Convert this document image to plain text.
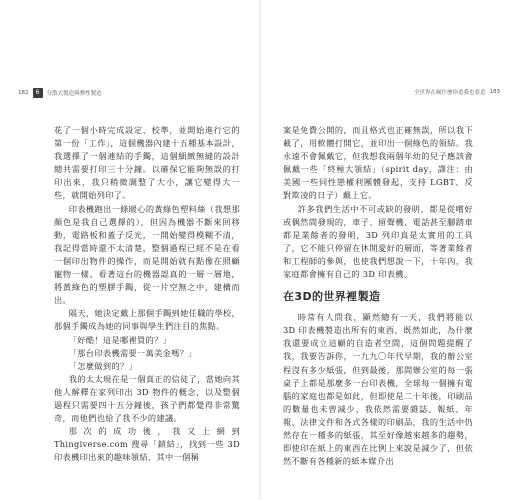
182	6	分散式製造與彈性製造

花了一個小時完成設定、校準，並開始進行它的第一份「工作」，這個機器內建十五種基本設計，我選擇了一個連結的手鐲，這個細緻無縫的設計總共需要打印三十分鐘。以確保它能夠無誤的打印出來，我只稍微調整了大小，讓它變得大一些，就開始列印了。

印表機跑出一條暖心的黃綠色塑料絲（我想那顏色是我自己選擇的），但因為機器不斷來回移動，電路板和蓋子反光，一開始變得模糊不清，我記得當時還不太清楚，整個過程已經不是在看一個印出物件的操作，而是開始就有點像在照顧寵物一樣。看著這台的機器認真的一層一層地，將黃綠色的塑膠手鐲，從一片空無之中，建構而出。

隔天，她決定戴上那個手鐲到她任職的學校，那個手鐲成為她的同事與學生們注目的焦點。

「好酷！這是哪裡買的？」

「那台印表機需要一萬美金嗎？」

「怎麼做到的？」

我的太太現在是一個真正的信徒了，當她向其他人解釋在家列印出 3D 物件的概念，以及整個過程只需要四十五分鐘後，孩子們都覺得非常驚奇，而他們也給了我不少的建議。

那次的成功後，我又上網到 Thingiverse.com 搜尋「鎖結」，找到一些 3D 印表機印出來的趣味領結，其中一個稱

全世界在瘋什麼你造我也要造 183

案是免費公開的，而且格式也正確無誤，所以我下載了，用軟體打開它，並印出一個綠色的領結。我永遠不會佩戴它，但我想我兩個年幼的兒子應該會佩戴一些「終極大領結」（spirit day，譯注：由美國一些同性戀權利團體發起，支持 LGBT、反對欺凌的日子）戴上它。

許多我們生活中不可或缺的發明，都是從嚐好或偶然間發現的，車子、留聲機、電話甚至腳踏車都是業餘者的發明，3D 列印真是太實用的工具了，它不能只停留在休閒愛好的層面，等著業餘者和工程師的參與，也使我們想說一下，十年內，我家庭都會擁有自己的 3D 印表機。

在3D的世界裡製造

時常有人問我，顯然總有一天，我們將能以 3D 印表機製造出所有的東西，既然如此，為什麼我還要成立這顧的自造者空間，這個問題提醒了我，我要告訴你，一九九〇年代早期，我的辦公室程沒有多少紙張，但到最後，那間辦公室的每一張桌子上都是那麼多一台印表機，全球每一個擁有電腦的家庭也都是如此，但即使是二十年後，印刷品的數量也未曾減少，我依然需要雜誌、報紙、年報、法律文件和各式各樣的印刷品，我的生活中仍然存在一種多的紙張，其至好像越來越多的趨勢，即使印在紙上的東西在比例上來說是減少了，但依然不斷有各種新的紙本媒介出
